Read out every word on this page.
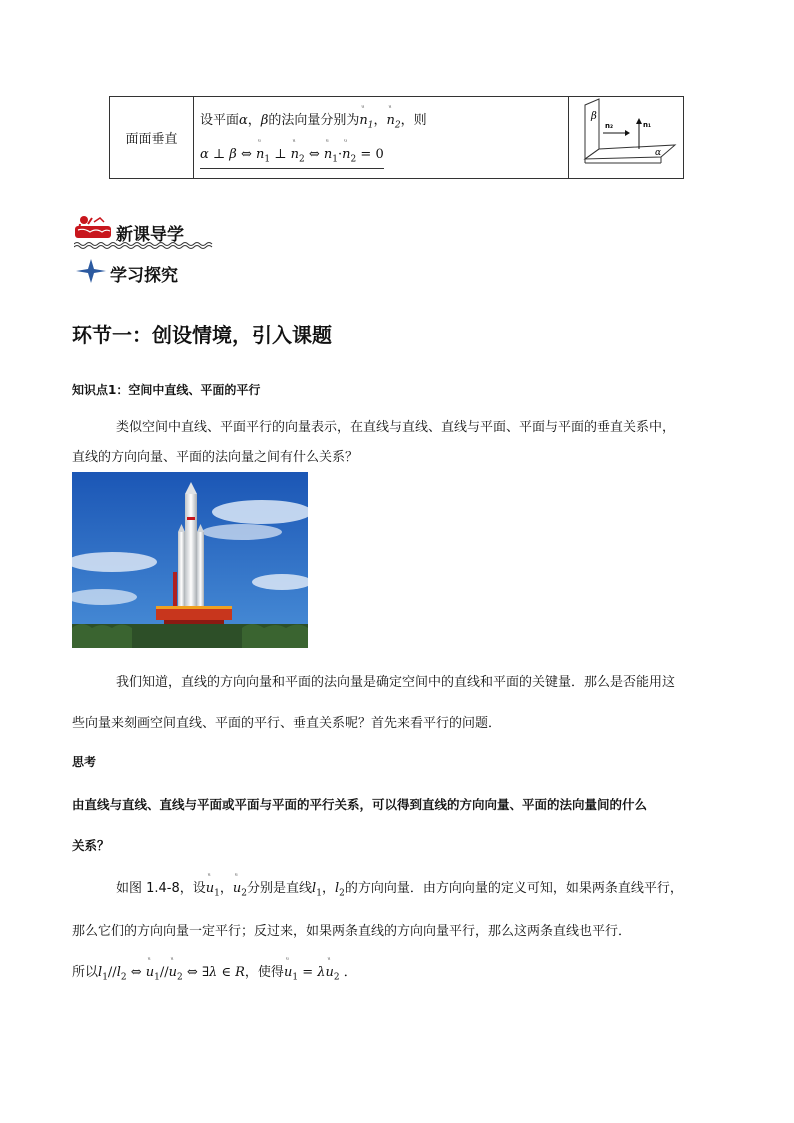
面面垂直
设平面α，β的法向量分别为ᵘ $n_1$，ᵘ $n_2$，则
α ⊥ β ⇔ ᵘ $n_1$ ⊥ ᵘ $n_2$ ⇔ ᵘ $n_1\cdot ᵘ$ $n_2 = 0$
β
n₂	n₁
α
新课导学
学习探究
环节一：创设情境，引入课题
知识点1：空间中直线、平面的平行
类似空间中直线、平面平行的向量表示，在直线与直线、直线与平面、平面与平面的垂直关系中，
直线的方向向量、平面的法向量之间有什么关系？
我们知道，直线的方向向量和平面的法向量是确定空间中的直线和平面的关键量．那么是否能用这
些向量来刻画空间直线、平面的平行、垂直关系呢？首先来看平行的问题．
思考
由直线与直线、直线与平面或平面与平面的平行关系，可以得到直线的方向向量、平面的法向量间的什么
关系？
如图 1.4-8，设ᵘ $u_1$，ᵘ $u_2$分别是直线$l_1$，$l_2$的方向向量．由方向向量的定义可知，如果两条直线平行，
那么它们的方向向量一定平行；反过来，如果两条直线的方向向量平行，那么这两条直线也平行．
所以$l_1//l_2$ ⇔ ᵘ $u_1//ᵘ$ $u_2$ ⇔ ∃λ ∈ R，使得ᵘ $u_1$ = λᵘ $u_2$ ．
